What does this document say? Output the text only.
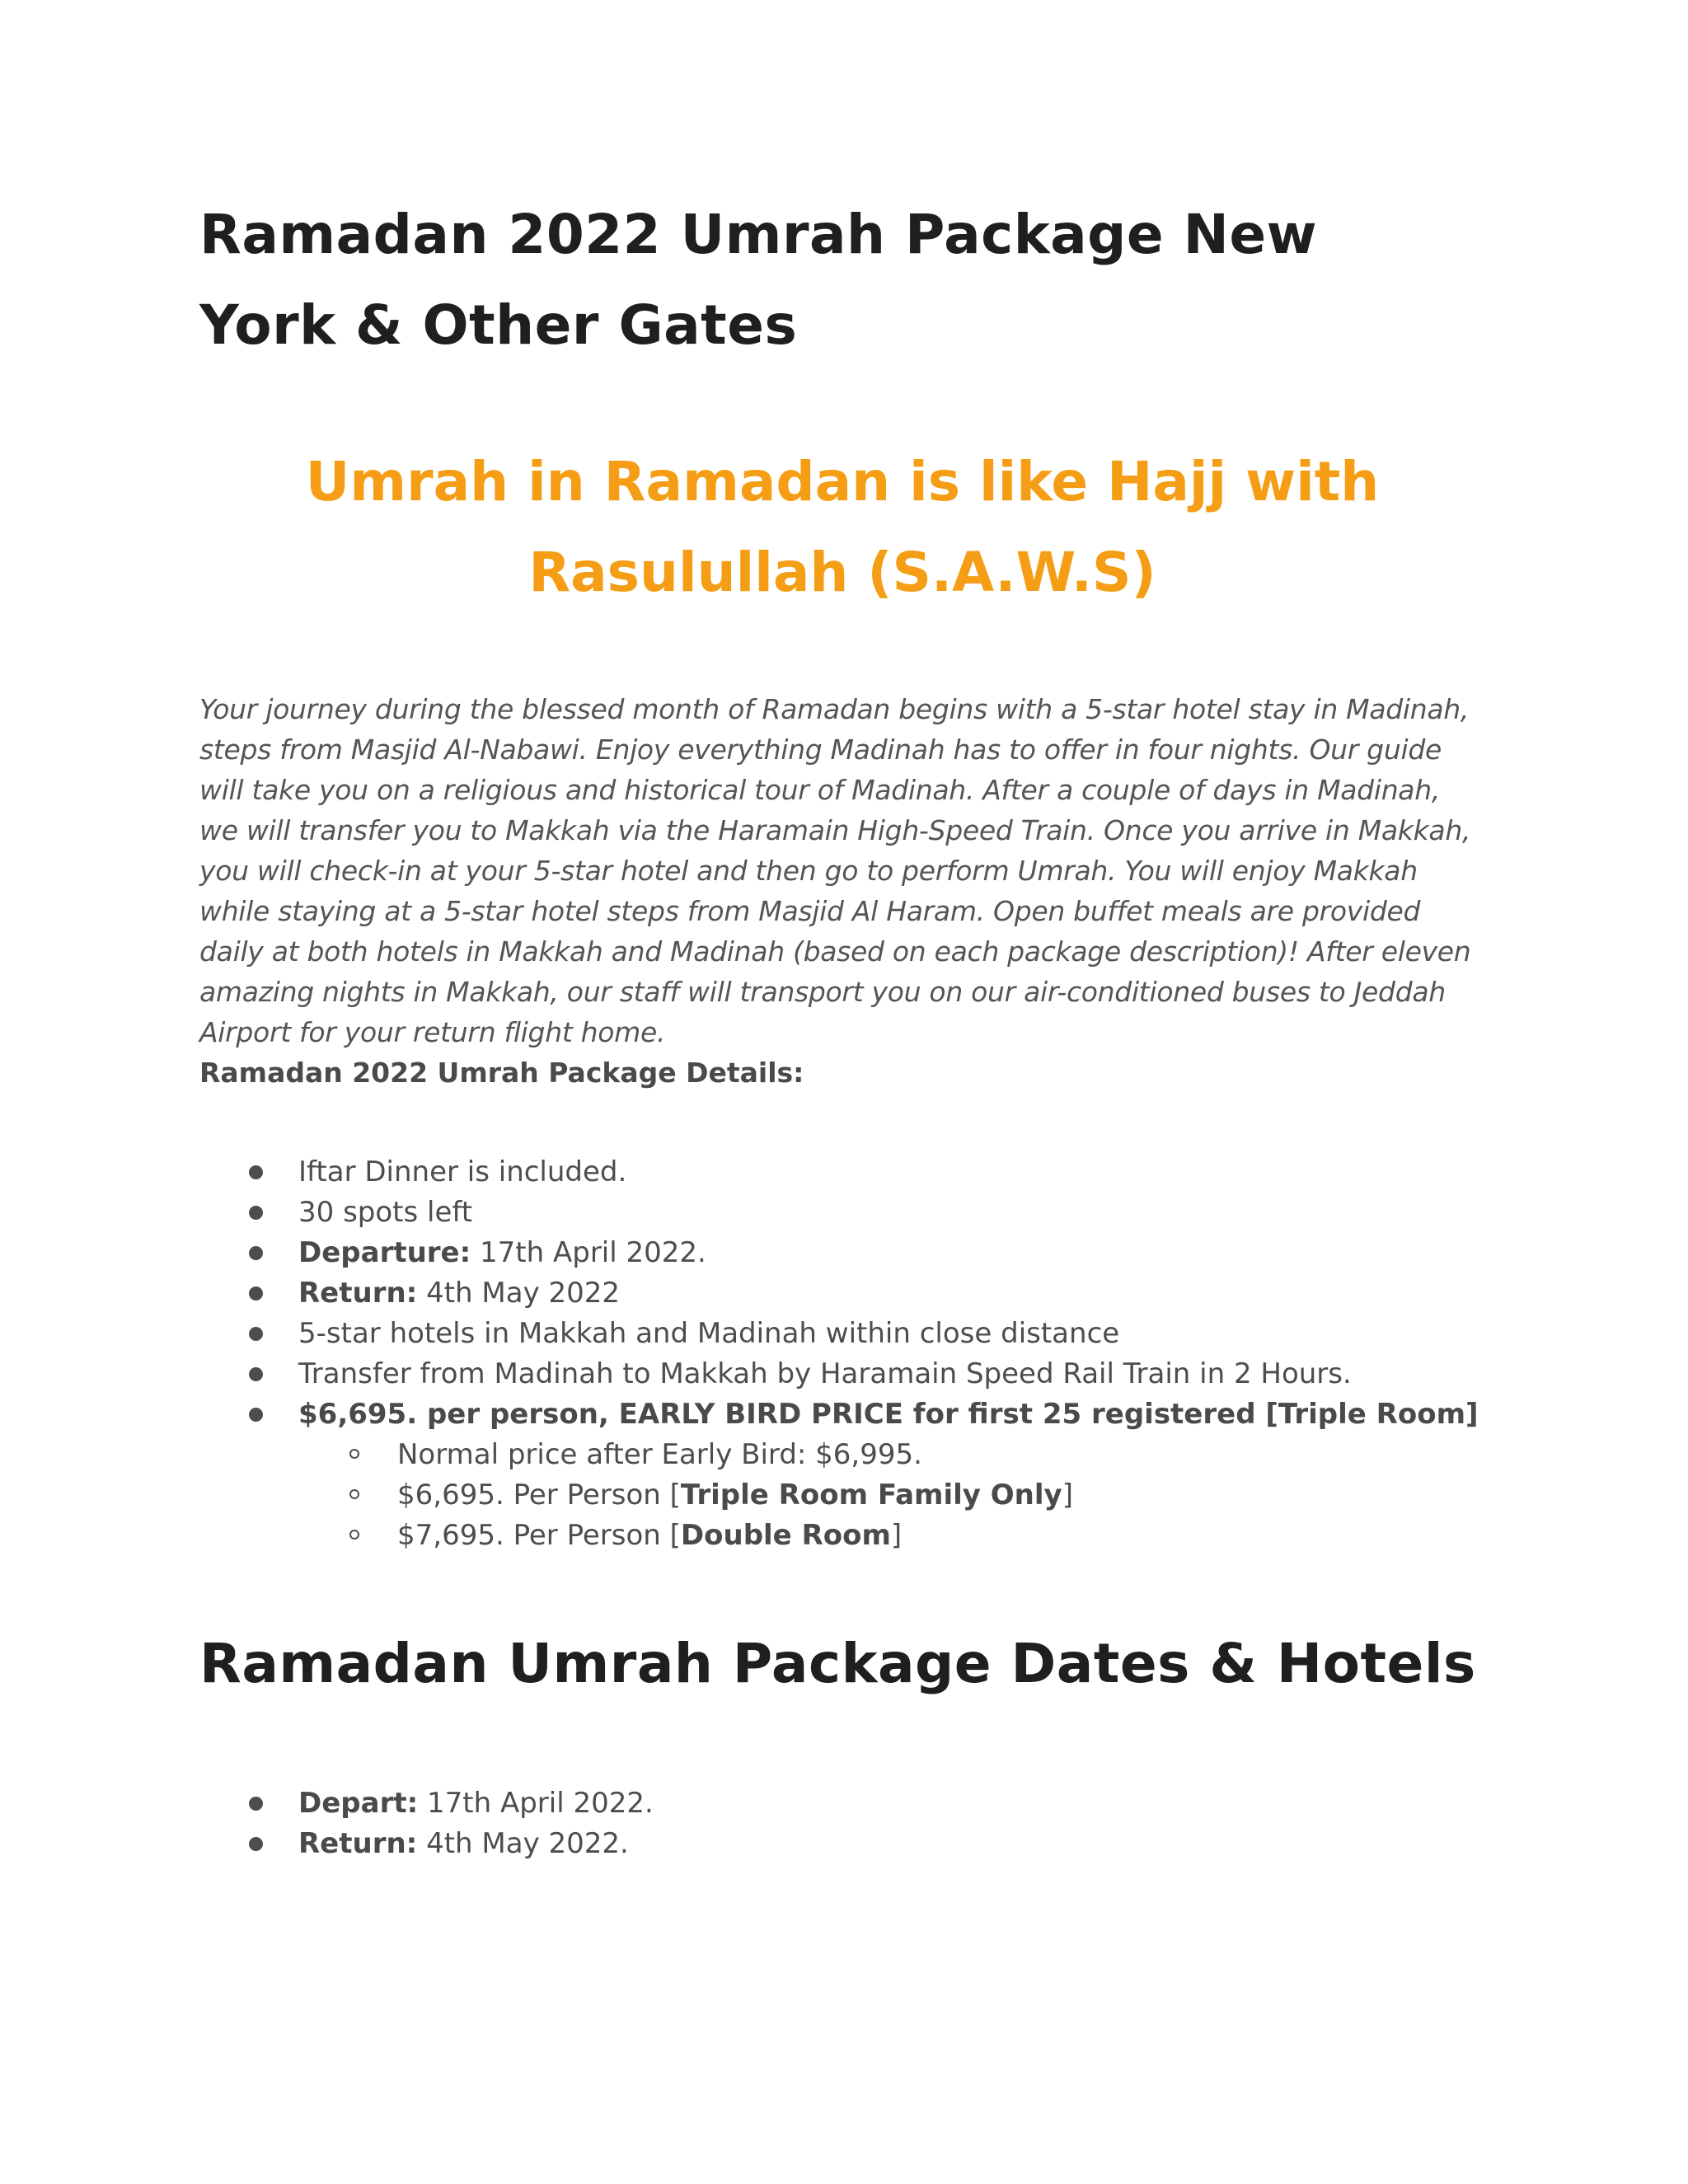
Ramadan 2022 Umrah Package New York & Other Gates
Umrah in Ramadan is like Hajj with Rasulullah (S.A.W.S)

Your journey during the blessed month of Ramadan begins with a 5-star hotel stay in Madinah, steps from Masjid Al-Nabawi. Enjoy everything Madinah has to offer in four nights. Our guide will take you on a religious and historical tour of Madinah. After a couple of days in Madinah, we will transfer you to Makkah via the Haramain High-Speed Train. Once you arrive in Makkah, you will check-in at your 5-star hotel and then go to perform Umrah. You will enjoy Makkah while staying at a 5-star hotel steps from Masjid Al Haram. Open buffet meals are provided daily at both hotels in Makkah and Madinah (based on each package description)! After eleven amazing nights in Makkah, our staff will transport you on our air-conditioned buses to Jeddah Airport for your return flight home.

Ramadan 2022 Umrah Package Details:

Iftar Dinner is included.
30 spots left
Departure: 17th April 2022.
Return: 4th May 2022
5-star hotels in Makkah and Madinah within close distance
Transfer from Madinah to Makkah by Haramain Speed Rail Train in 2 Hours.
$6,695. per person, EARLY BIRD PRICE for first 25 registered [Triple Room]
Normal price after Early Bird: $6,995.
$6,695. Per Person [Triple Room Family Only]
$7,695. Per Person [Double Room]
Ramadan Umrah Package Dates & Hotels
Depart: 17th April 2022.
Return: 4th May 2022.
